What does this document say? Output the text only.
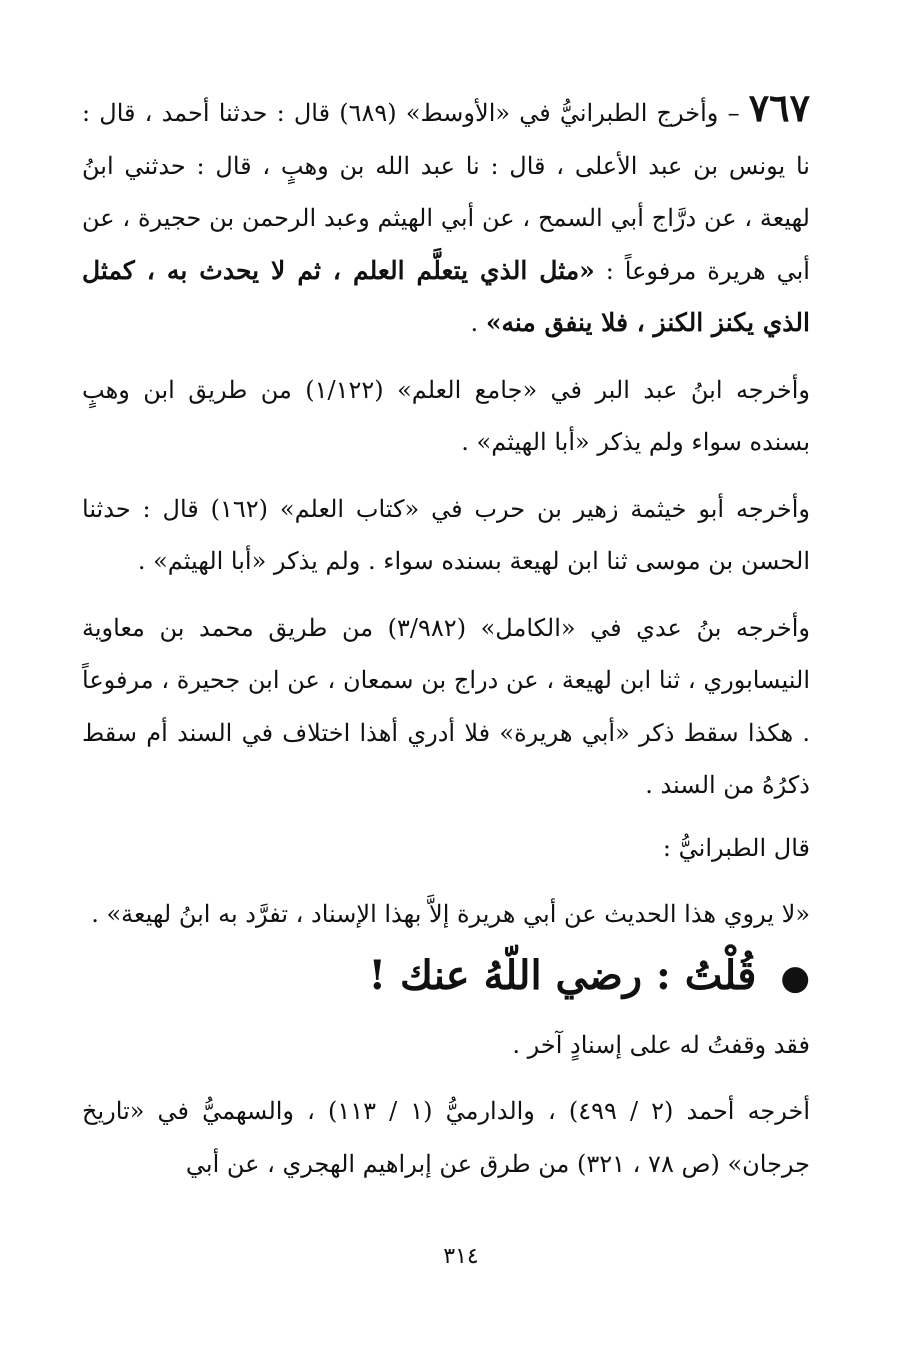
٧٦٧ – وأخرج الطبرانيُّ في «الأوسط» (٦٨٩) قال : حدثنا أحمد ، قال : نا يونس بن عبد الأعلى ، قال : نا عبد الله بن وهبٍ ، قال : حدثني ابنُ لهيعة ، عن درَّاج أبي السمح ، عن أبي الهيثم وعبد الرحمن بن حجيرة ، عن أبي هريرة مرفوعاً : «مثل الذي يتعلَّم العلم ، ثم لا يحدث به ، كمثل الذي يكنز الكنز ، فلا ينفق منه» .

وأخرجه ابنُ عبد البر في «جامع العلم» (١/١٢٢) من طريق ابن وهبٍ بسنده سواء ولم يذكر «أبا الهيثم» .

وأخرجه أبو خيثمة زهير بن حرب في «كتاب العلم» (١٦٢) قال : حدثنا الحسن بن موسى ثنا ابن لهيعة بسنده سواء . ولم يذكر «أبا الهيثم» .

وأخرجه بنُ عدي في «الكامل» (٣/٩٨٢) من طريق محمد بن معاوية النيسابوري ، ثنا ابن لهيعة ، عن دراج بن سمعان ، عن ابن جحيرة ، مرفوعاً . هكذا سقط ذكر «أبي هريرة» فلا أدري أهذا اختلاف في السند أم سقط ذكرُهُ من السند .

قال الطبرانيُّ :

«لا يروي هذا الحديث عن أبي هريرة إلاَّ بهذا الإسناد ، تفرَّد به ابنُ لهيعة» .

● قُلْتُ : رضي اللّهُ عنك !

فقد وقفتُ له على إسنادٍ آخر .

أخرجه أحمد (٢ / ٤٩٩) ، والدارميُّ (١ / ١١٣) ، والسهميُّ في «تاريخ جرجان» (ص ٧٨ ، ٣٢١) من طرق عن إبراهيم الهجري ، عن أبي

٣١٤
